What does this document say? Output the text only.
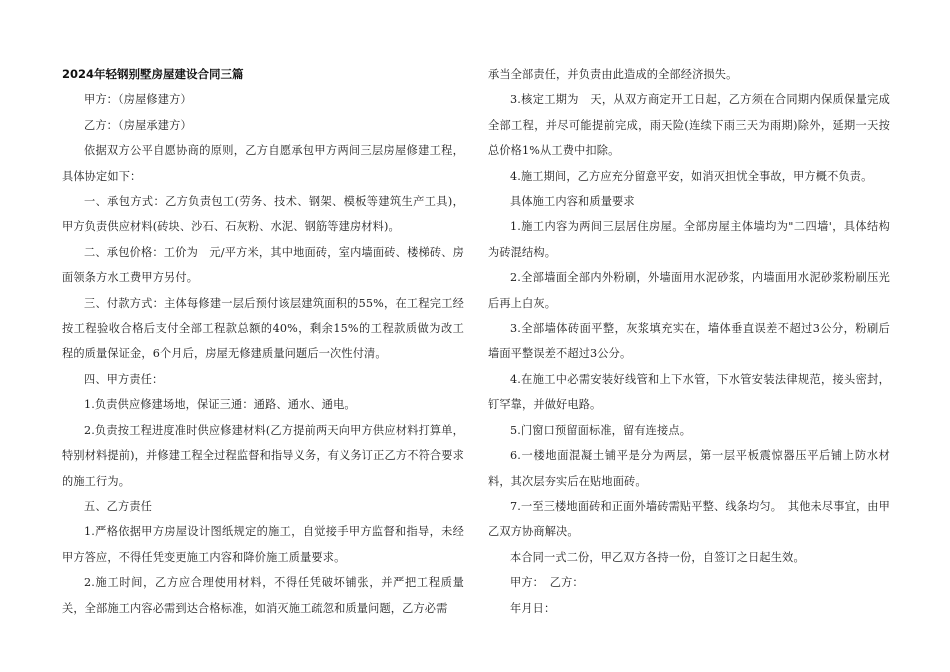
2024年轻钢别墅房屋建设合同三篇

甲方：（房屋修建方）

乙方：（房屋承建方）

依据双方公平自愿协商的原则，乙方自愿承包甲方两间三层房屋修建工程，具体协定如下：

一、承包方式：乙方负责包工(劳务、技术、钢架、模板等建筑生产工具)，甲方负责供应材料(砖块、沙石、石灰粉、水泥、钢筋等建房材料)。

二、承包价格：工价为　元/平方米，其中地面砖，室内墙面砖、楼梯砖、房面领条方水工费甲方另付。

三、付款方式：主体每修建一层后预付该层建筑面积的55%，在工程完工经按工程验收合格后支付全部工程款总额的40%，剩余15%的工程款质做为改工程的质量保证金，6个月后，房屋无修建质量问题后一次性付清。

四、甲方责任：

1.负责供应修建场地，保证三通：通路、通水、通电。

2.负责按工程进度准时供应修建材料(乙方提前两天向甲方供应材料打算单，特别材料提前)，并修建工程全过程监督和指导义务，有义务订正乙方不符合要求的施工行为。

五、乙方责任

1.严格依据甲方房屋设计图纸规定的施工，自觉接手甲方监督和指导，未经甲方答应，不得任凭变更施工内容和降价施工质量要求。

2.施工时间，乙方应合理使用材料，不得任凭破坏铺张，并严把工程质量关，全部施工内容必需到达合格标准，如消灭施工疏忽和质量问题，乙方必需

承当全部责任，并负责由此造成的全部经济损失。

3.核定工期为　天，从双方商定开工日起，乙方须在合同期内保质保量完成全部工程，并尽可能提前完成，雨天险(连续下雨三天为雨期)除外，延期一天按总价格1%从工费中扣除。

4.施工期间，乙方应充分留意平安，如消灭担忧全事故，甲方概不负责。

具体施工内容和质量要求

1.施工内容为两间三层居住房屋。全部房屋主体墙均为"二四墙'，具体结构为砖混结构。

2.全部墙面全部内外粉刷，外墙面用水泥砂浆，内墙面用水泥砂浆粉刷压光后再上白灰。

3.全部墙体砖面平整，灰浆填充实在，墙体垂直误差不超过3公分，粉刷后墙面平整误差不超过3公分。

4.在施工中必需安装好线管和上下水管，下水管安装法律规范，接头密封，钉罕靠，并做好电路。

5.门窗口预留面标准，留有连接点。

6.一楼地面混凝土铺平是分为两层，第一层平板震惊器压平后铺上防水材料，其次层夯实后在贴地面砖。

7.一至三楼地面砖和正面外墙砖需贴平整、线条均匀。　其他未尽事宜，由甲乙双方协商解决。

本合同一式二份，甲乙双方各持一份，自签订之日起生效。

甲方：　乙方：

年月日：
